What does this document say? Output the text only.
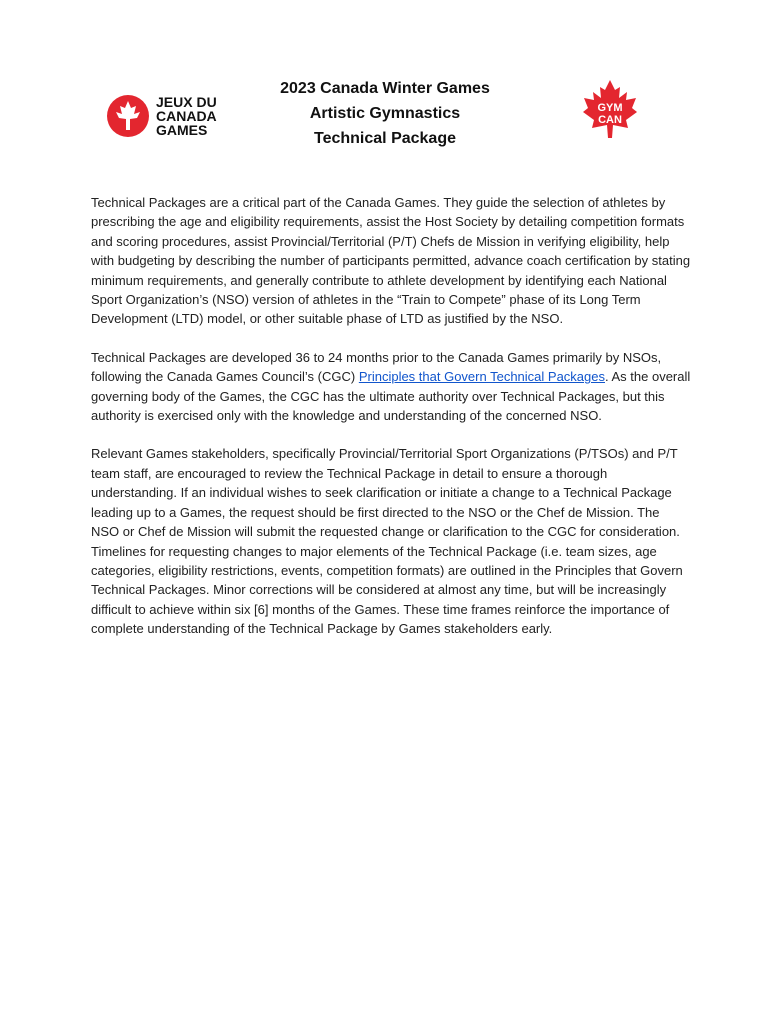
JEUX DU
CANADA
GAMES
2023 Canada Winter Games
Artistic Gymnastics
Technical Package
GYM
CAN

Technical Packages are a critical part of the Canada Games. They guide the selection of athletes by prescribing the age and eligibility requirements, assist the Host Society by detailing competition formats and scoring procedures, assist Provincial/Territorial (P/T) Chefs de Mission in verifying eligibility, help with budgeting by describing the number of participants permitted, advance coach certification by stating minimum requirements, and generally contribute to athlete development by identifying each National Sport Organization’s (NSO) version of athletes in the “Train to Compete” phase of its Long Term Development (LTD) model, or other suitable phase of LTD as justified by the NSO.

Technical Packages are developed 36 to 24 months prior to the Canada Games primarily by NSOs, following the Canada Games Council’s (CGC) Principles that Govern Technical Packages. As the overall governing body of the Games, the CGC has the ultimate authority over Technical Packages, but this authority is exercised only with the knowledge and understanding of the concerned NSO.

Relevant Games stakeholders, specifically Provincial/Territorial Sport Organizations (P/TSOs) and P/T team staff, are encouraged to review the Technical Package in detail to ensure a thorough understanding. If an individual wishes to seek clarification or initiate a change to a Technical Package leading up to a Games, the request should be first directed to the NSO or the Chef de Mission. The NSO or Chef de Mission will submit the requested change or clarification to the CGC for consideration. Timelines for requesting changes to major elements of the Technical Package (i.e. team sizes, age categories, eligibility restrictions, events, competition formats) are outlined in the Principles that Govern Technical Packages. Minor corrections will be considered at almost any time, but will be increasingly difficult to achieve within six [6] months of the Games. These time frames reinforce the importance of complete understanding of the Technical Package by Games stakeholders early.
